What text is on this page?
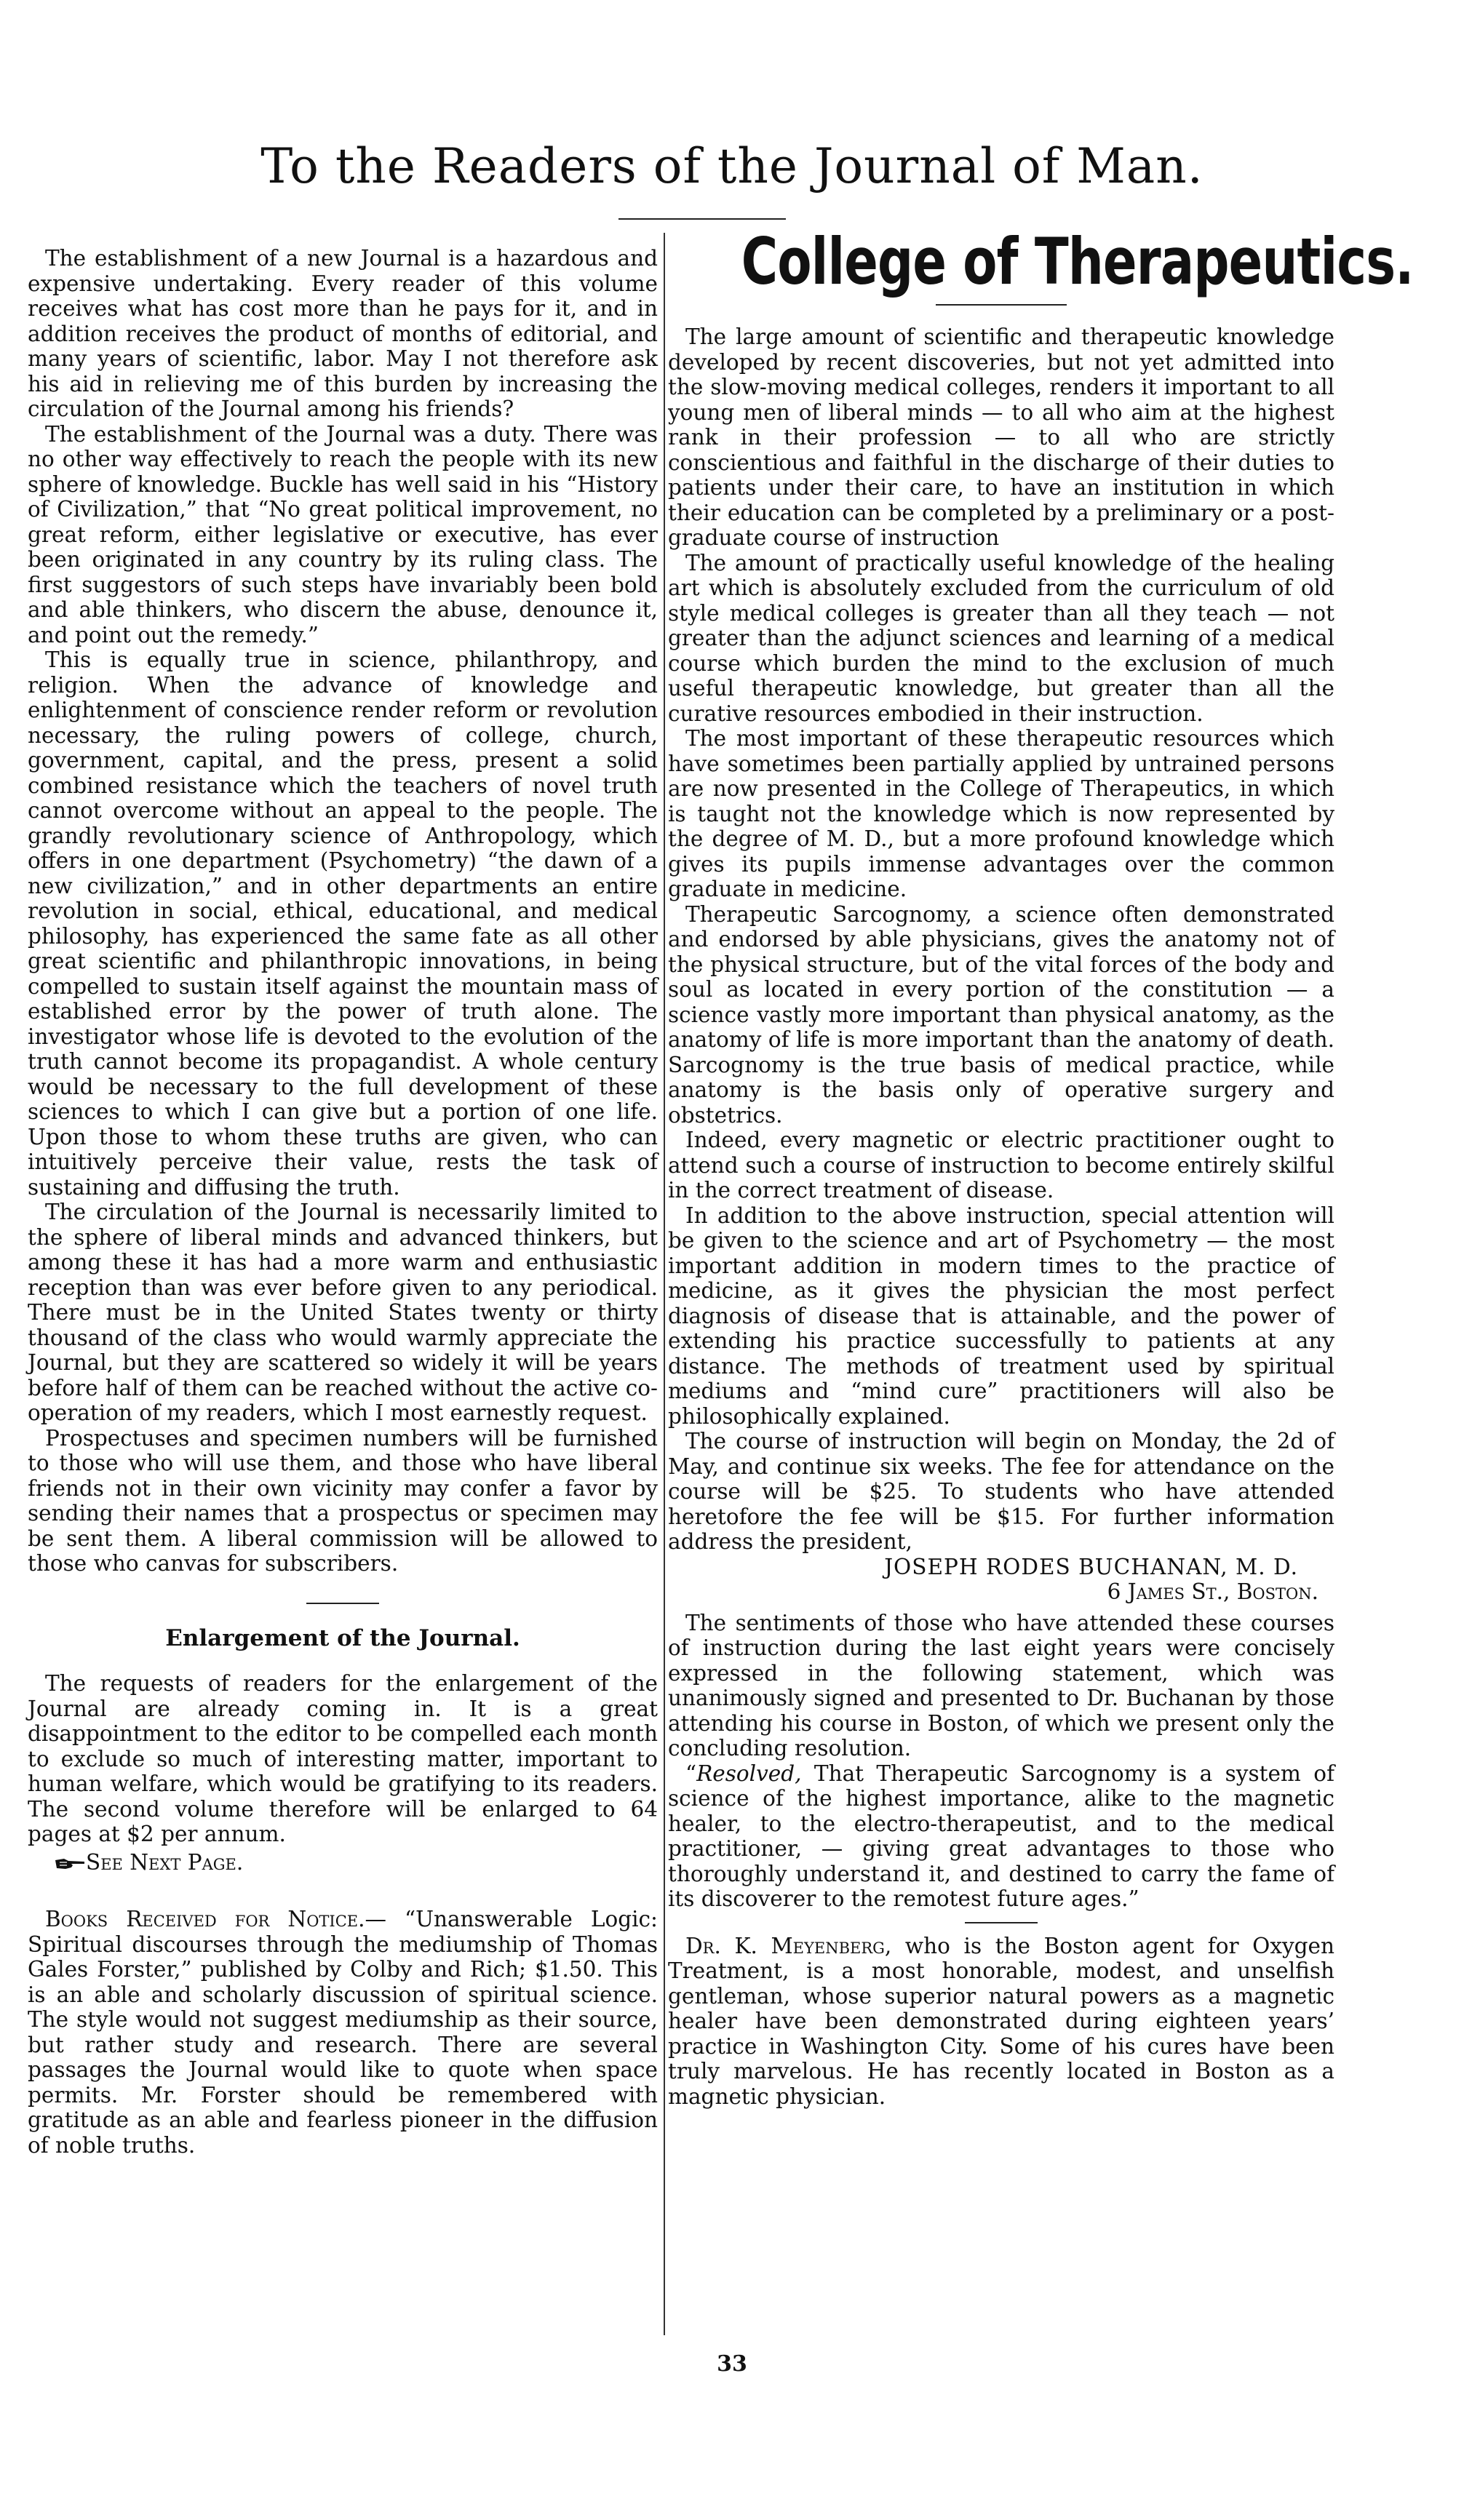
To the Readers of the Journal of Man.

The establishment of a new Journal is a hazardous and expensive undertaking. Every reader of this volume receives what has cost more than he pays for it, and in addition receives the product of months of editorial, and many years of scientific, labor. May I not therefore ask his aid in relieving me of this burden by increasing the circulation of the Journal among his friends?

The establishment of the Journal was a duty. There was no other way effectively to reach the people with its new sphere of knowledge. Buckle has well said in his “History of Civilization,” that “No great political improvement, no great reform, either legislative or executive, has ever been originated in any country by its ruling class. The first suggestors of such steps have invariably been bold and able thinkers, who discern the abuse, denounce it, and point out the remedy.”

This is equally true in science, philanthropy, and religion. When the advance of knowledge and enlightenment of conscience render reform or revolution necessary, the ruling powers of college, church, government, capital, and the press, present a solid combined resistance which the teachers of novel truth cannot overcome without an appeal to the people. The grandly revolutionary science of Anthropology, which offers in one department (Psychometry) “the dawn of a new civilization,” and in other departments an entire revolution in social, ethical, educational, and medical philosophy, has experienced the same fate as all other great scientific and philanthropic innovations, in being compelled to sustain itself against the mountain mass of established error by the power of truth alone. The investigator whose life is devoted to the evolution of the truth cannot become its propagandist. A whole century would be necessary to the full development of these sciences to which I can give but a portion of one life. Upon those to whom these truths are given, who can intuitively perceive their value, rests the task of sustaining and diffusing the truth.

The circulation of the Journal is necessarily limited to the sphere of liberal minds and advanced thinkers, but among these it has had a more warm and enthusiastic reception than was ever before given to any periodical. There must be in the United States twenty or thirty thousand of the class who would warmly appreciate the Journal, but they are scattered so widely it will be years before half of them can be reached without the active co-operation of my readers, which I most earnestly request.

Prospectuses and specimen numbers will be furnished to those who will use them, and those who have liberal friends not in their own vicinity may confer a favor by sending their names that a prospectus or specimen may be sent them. A liberal commission will be allowed to those who canvas for subscribers.

Enlargement of the Journal.

The requests of readers for the enlargement of the Journal are already coming in. It is a great disappointment to the editor to be compelled each month to exclude so much of interesting matter, important to human welfare, which would be gratifying to its readers. The second volume therefore will be enlarged to 64 pages at $2 per annum.

See Next Page.

Books Received for Notice.— “Unanswerable Logic: Spiritual discourses through the mediumship of Thomas Gales Forster,” published by Colby and Rich; $1.50. This is an able and scholarly discussion of spiritual science. The style would not suggest mediumship as their source, but rather study and research. There are several passages the Journal would like to quote when space permits. Mr. Forster should be remembered with gratitude as an able and fearless pioneer in the diffusion of noble truths.

College of Therapeutics.

The large amount of scientific and therapeutic knowledge developed by recent discoveries, but not yet admitted into the slow-moving medical colleges, renders it important to all young men of liberal minds — to all who aim at the highest rank in their profession — to all who are strictly conscientious and faithful in the discharge of their duties to patients under their care, to have an institution in which their education can be completed by a preliminary or a post-graduate course of instruction

The amount of practically useful knowledge of the healing art which is absolutely excluded from the curriculum of old style medical colleges is greater than all they teach — not greater than the adjunct sciences and learning of a medical course which burden the mind to the exclusion of much useful therapeutic knowledge, but greater than all the curative resources embodied in their instruction.

The most important of these therapeutic resources which have sometimes been partially applied by untrained persons are now presented in the College of Therapeutics, in which is taught not the knowledge which is now represented by the degree of M. D., but a more profound knowledge which gives its pupils immense advantages over the common graduate in medicine.

Therapeutic Sarcognomy, a science often demonstrated and endorsed by able physicians, gives the anatomy not of the physical structure, but of the vital forces of the body and soul as located in every portion of the constitution — a science vastly more important than physical anatomy, as the anatomy of life is more important than the anatomy of death. Sarcognomy is the true basis of medical practice, while anatomy is the basis only of operative surgery and obstetrics.

Indeed, every magnetic or electric practitioner ought to attend such a course of instruction to become entirely skilful in the correct treatment of disease.

In addition to the above instruction, special attention will be given to the science and art of Psychometry — the most important addition in modern times to the practice of medicine, as it gives the physician the most perfect diagnosis of disease that is attainable, and the power of extending his practice successfully to patients at any distance. The methods of treatment used by spiritual mediums and “mind cure” practitioners will also be philosophically explained.

The course of instruction will begin on Monday, the 2d of May, and continue six weeks. The fee for attendance on the course will be $25. To students who have attended heretofore the fee will be $15. For further information address the president,

JOSEPH RODES BUCHANAN, M. D.

6 James St., Boston.

The sentiments of those who have attended these courses of instruction during the last eight years were concisely expressed in the following statement, which was unanimously signed and presented to Dr. Buchanan by those attending his course in Boston, of which we present only the concluding resolution.

“Resolved, That Therapeutic Sarcognomy is a system of science of the highest importance, alike to the magnetic healer, to the electro-therapeutist, and to the medical practitioner, — giving great advantages to those who thoroughly understand it, and destined to carry the fame of its discoverer to the remotest future ages.”

Dr. K. Meyenberg, who is the Boston agent for Oxygen Treatment, is a most honorable, modest, and unselfish gentleman, whose superior natural powers as a magnetic healer have been demonstrated during eighteen years’ practice in Washington City. Some of his cures have been truly marvelous. He has recently located in Boston as a magnetic physician.

33
